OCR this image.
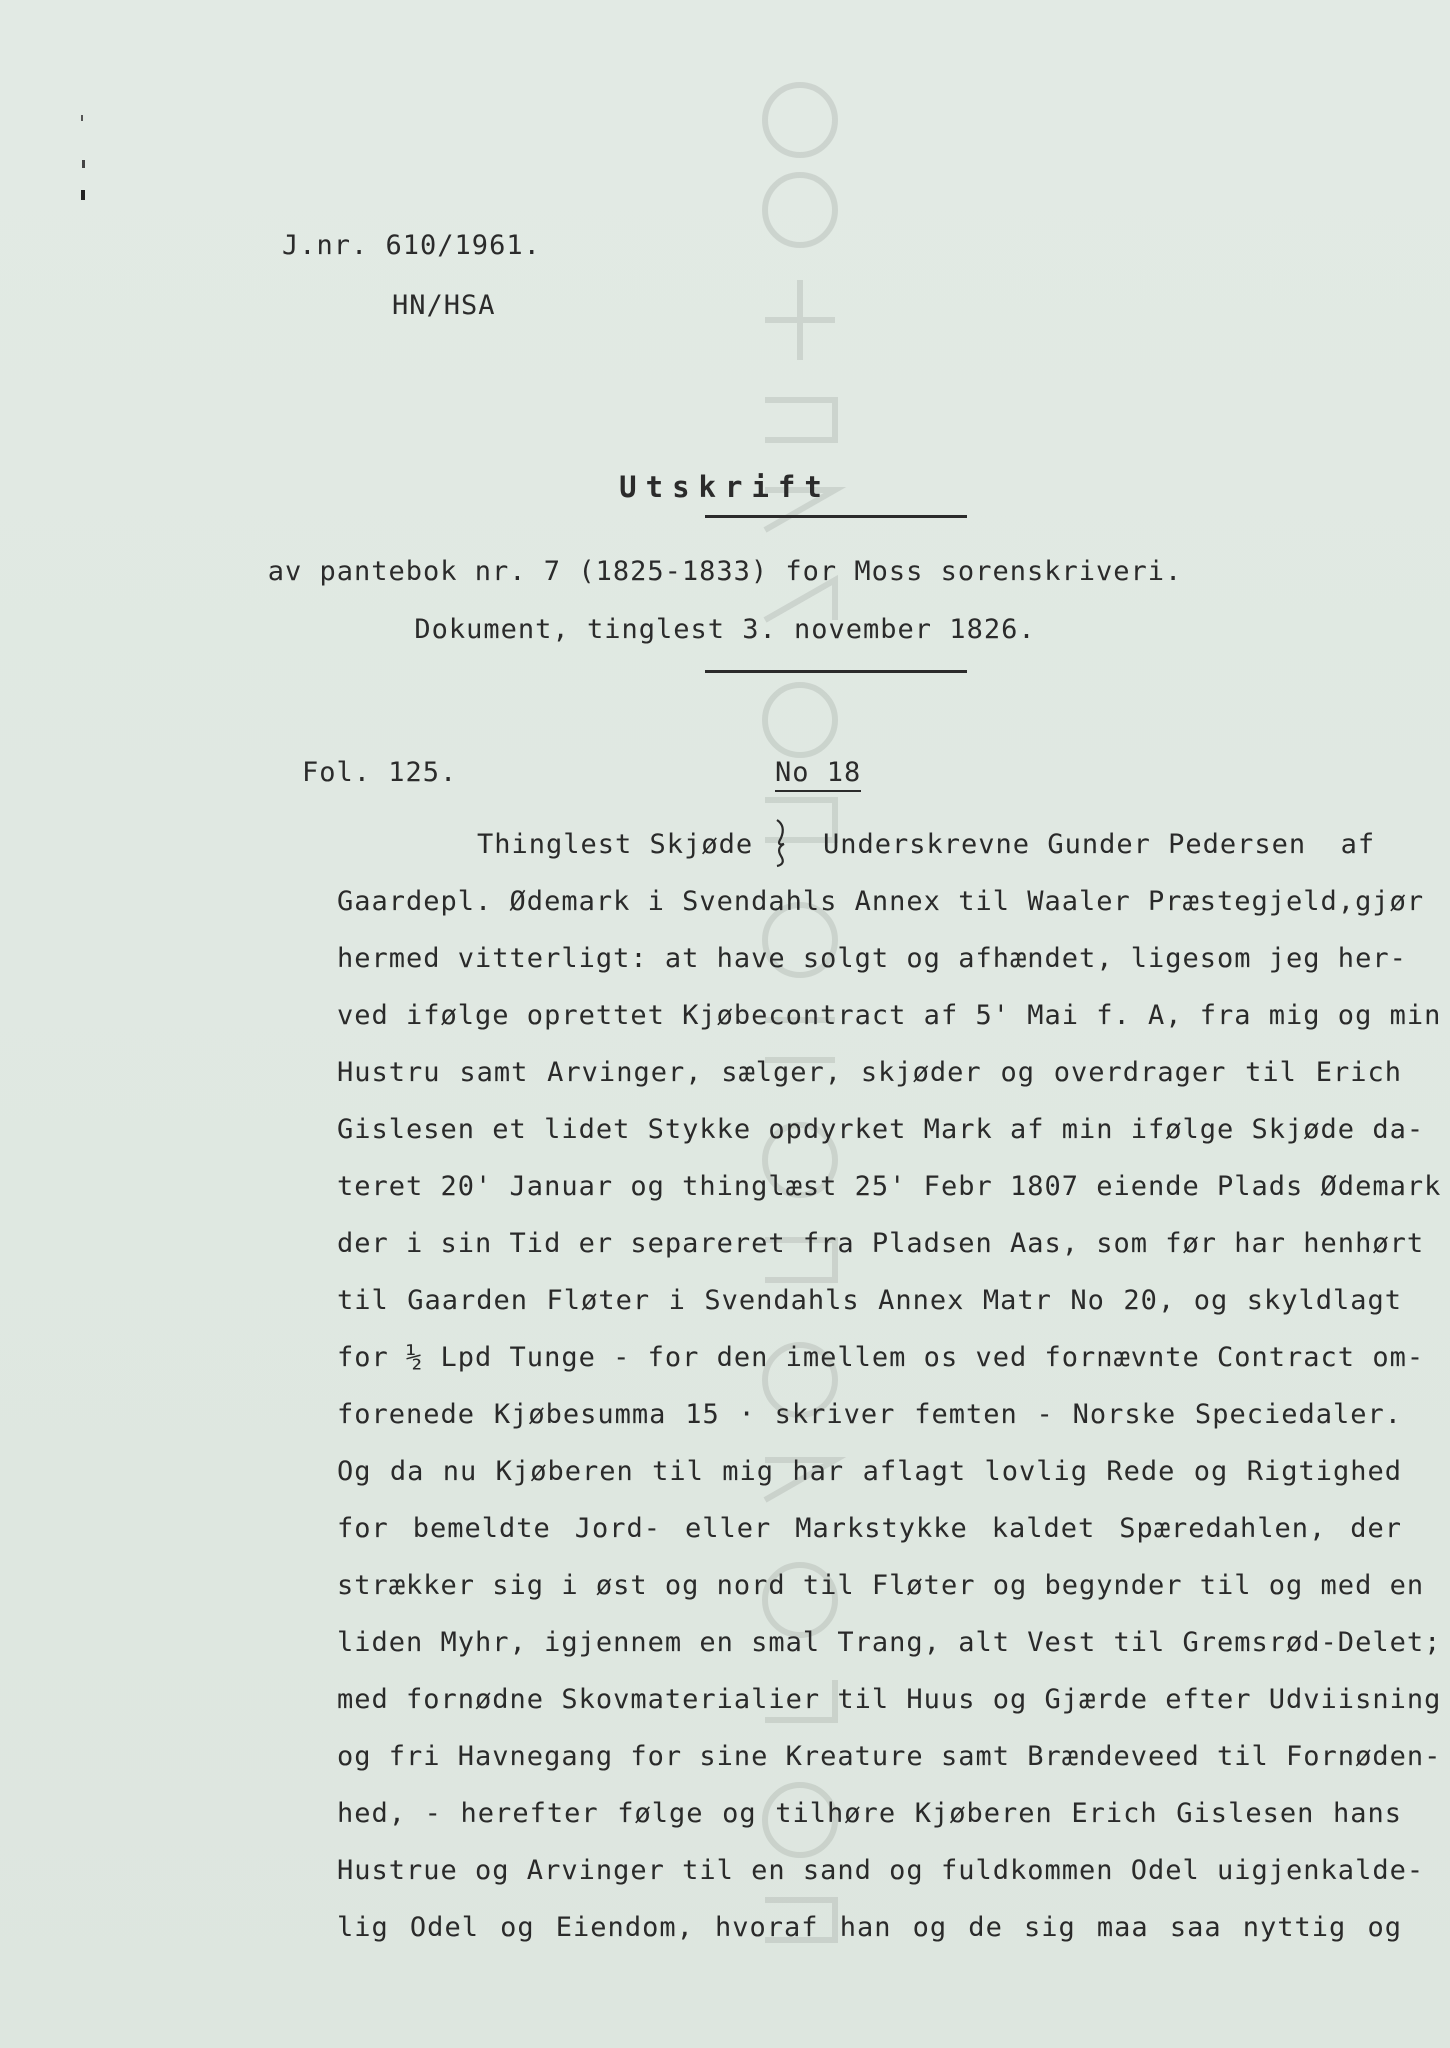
J.nr. 610/1961.
HN/HSA
Utskrift
av pantebok nr. 7 (1825-1833) for Moss sorenskriveri.
Dokument, tinglest 3. november 1826.
Fol. 125.	No 18
Thinglest Skjøde	Underskrevne Gunder Pedersen  af
Gaardepl. Ødemark i Svendahls Annex til Waaler Præstegjeld,gjør
hermed vitterligt: at have solgt og afhændet, ligesom jeg her-
ved ifølge oprettet Kjøbecontract af 5' Mai f. A, fra mig og min
Hustru samt Arvinger, sælger, skjøder og overdrager til Erich
Gislesen et lidet Stykke opdyrket Mark af min ifølge Skjøde da-
teret 20' Januar og thinglæst 25' Febr 1807 eiende Plads Ødemark
der i sin Tid er separeret fra Pladsen Aas, som før har henhørt
til Gaarden Fløter i Svendahls Annex Matr No 20, og skyldlagt
for ½ Lpd Tunge - for den imellem os ved fornævnte Contract om-
forenede Kjøbesumma 15 · skriver femten - Norske Speciedaler.
Og da nu Kjøberen til mig har aflagt lovlig Rede og Rigtighed
for bemeldte Jord- eller Markstykke kaldet Spæredahlen, der
strækker sig i øst og nord til Fløter og begynder til og med en
liden Myhr, igjennem en smal Trang, alt Vest til Gremsrød-Delet;
med fornødne Skovmaterialier til Huus og Gjærde efter Udviisning
og fri Havnegang for sine Kreature samt Brændeveed til Fornøden-
hed, - herefter følge og tilhøre Kjøberen Erich Gislesen hans
Hustrue og Arvinger til en sand og fuldkommen Odel uigjenkalde-
lig Odel og Eiendom, hvoraf han og de sig maa saa nyttig og
